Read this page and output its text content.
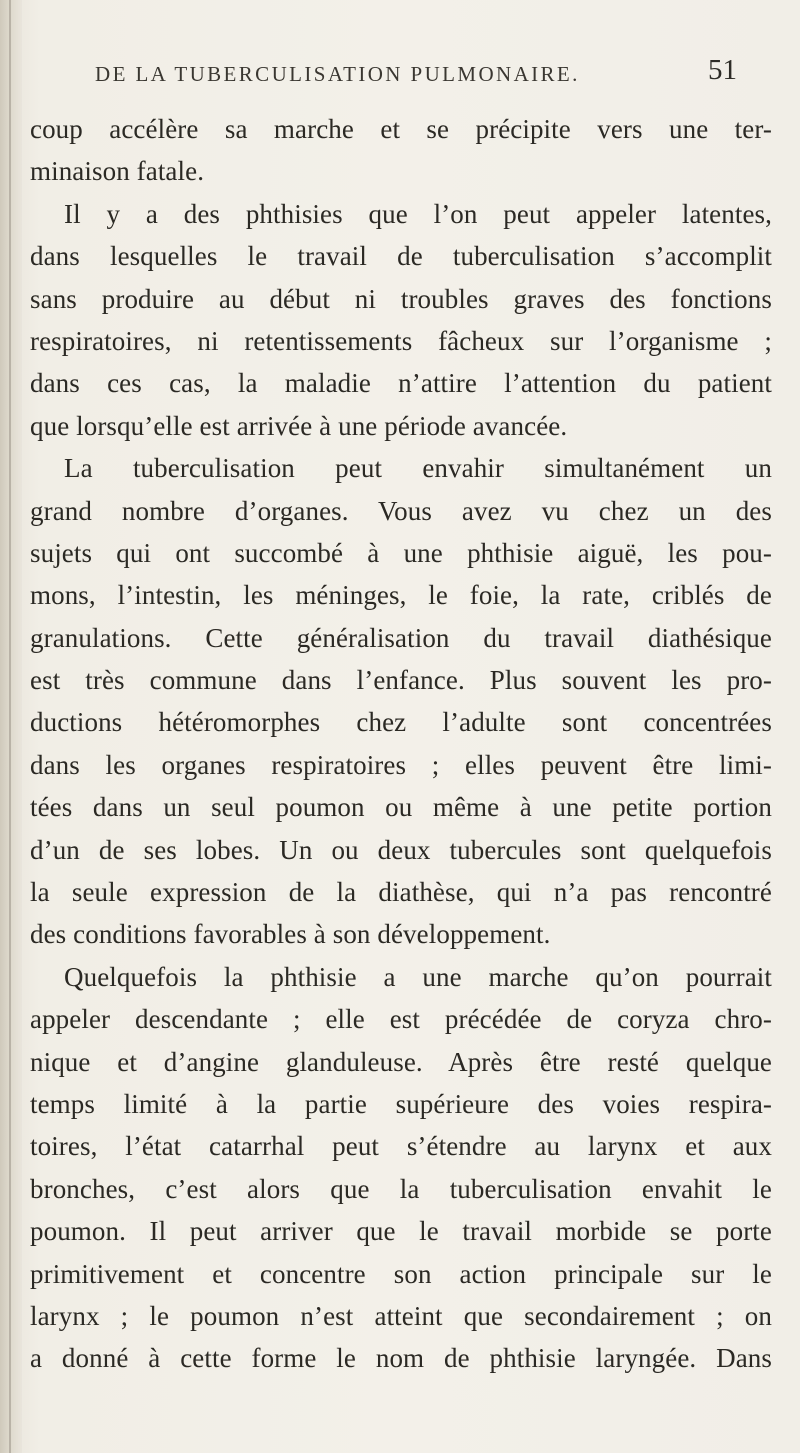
DE LA TUBERCULISATION PULMONAIRE.	51
coup accélère sa marche et se précipite vers une ter-
minaison fatale.
Il y a des phthisies que l’on peut appeler latentes,
dans lesquelles le travail de tuberculisation s’accomplit
sans produire au début ni troubles graves des fonctions
respiratoires, ni retentissements fâcheux sur l’organisme ;
dans ces cas, la maladie n’attire l’attention du patient
que lorsqu’elle est arrivée à une période avancée.
La tuberculisation peut envahir simultanément un
grand nombre d’organes. Vous avez vu chez un des
sujets qui ont succombé à une phthisie aiguë, les pou-
mons, l’intestin, les méninges, le foie, la rate, criblés de
granulations. Cette généralisation du travail diathésique
est très commune dans l’enfance. Plus souvent les pro-
ductions hétéromorphes chez l’adulte sont concentrées
dans les organes respiratoires ; elles peuvent être limi-
tées dans un seul poumon ou même à une petite portion
d’un de ses lobes. Un ou deux tubercules sont quelquefois
la seule expression de la diathèse, qui n’a pas rencontré
des conditions favorables à son développement.
Quelquefois la phthisie a une marche qu’on pourrait
appeler descendante ; elle est précédée de coryza chro-
nique et d’angine glanduleuse. Après être resté quelque
temps limité à la partie supérieure des voies respira-
toires, l’état catarrhal peut s’étendre au larynx et aux
bronches, c’est alors que la tuberculisation envahit le
poumon. Il peut arriver que le travail morbide se porte
primitivement et concentre son action principale sur le
larynx ; le poumon n’est atteint que secondairement ; on
a donné à cette forme le nom de phthisie laryngée. Dans
